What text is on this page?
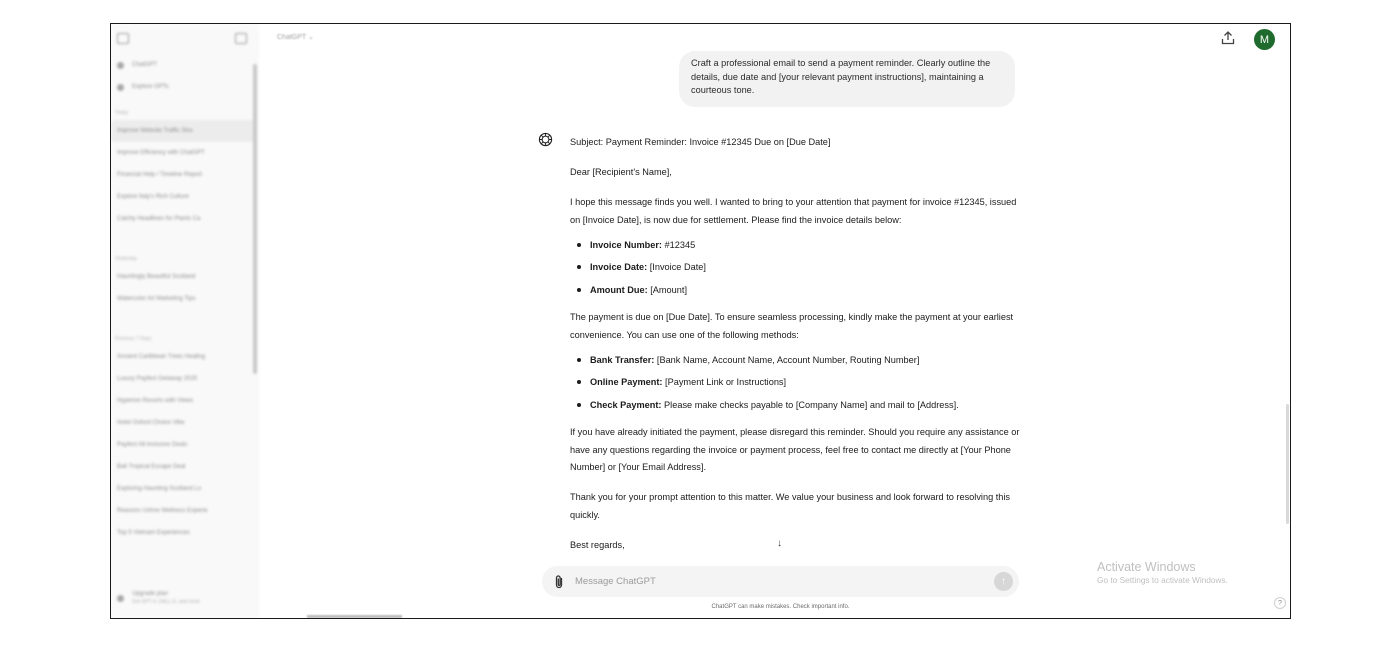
ChatGPT
Explore GPTs
Today
Improve Website Traffic Stra
Improve Efficiency with ChatGPT
Financial Help / Timeline Report
Explore Italy's Rich Culture
Catchy Headlines for Plants Ca
Yesterday
Hauntingly Beautiful Scotland
Watercolor Art Marketing Tips
Previous 7 Days
Ancient Caribbean Trees Healing
Luxury Payfect Getaway 2025
Hyperion Resorts with Views
Hotel Oxford Choice Vibe
Payfect All-Inclusive Deals
Bali Tropical Escape Deal
Exploring Haunting Scotland Lo
Reasons Ushne Wellness Experie
Top 5 Vietnam Experiences
Upgrade plan
Get GPT-4, DALL·E, and more
ChatGPT ⌄	M
Craft a professional email to send a payment reminder. Clearly outline the details, due date and [your relevant payment instructions], maintaining a courteous tone.

Subject: Payment Reminder: Invoice #12345 Due on [Due Date]

Dear [Recipient's Name],

I hope this message finds you well. I wanted to bring to your attention that payment for invoice #12345, issued on [Invoice Date], is now due for settlement. Please find the invoice details below:

Invoice Number: #12345
Invoice Date: [Invoice Date]
Amount Due: [Amount]

The payment is due on [Due Date]. To ensure seamless processing, kindly make the payment at your earliest convenience. You can use one of the following methods:

Bank Transfer: [Bank Name, Account Name, Account Number, Routing Number]
Online Payment: [Payment Link or Instructions]
Check Payment: Please make checks payable to [Company Name] and mail to [Address].

If you have already initiated the payment, please disregard this reminder. Should you require any assistance or have any questions regarding the invoice or payment process, feel free to contact me directly at [Your Phone Number] or [Your Email Address].

Thank you for your prompt attention to this matter. We value your business and look forward to resolving this quickly.

Best regards,	↓
Message ChatGPT
↑
ChatGPT can make mistakes. Check important info.
Activate Windows
Go to Settings to activate Windows.
?
